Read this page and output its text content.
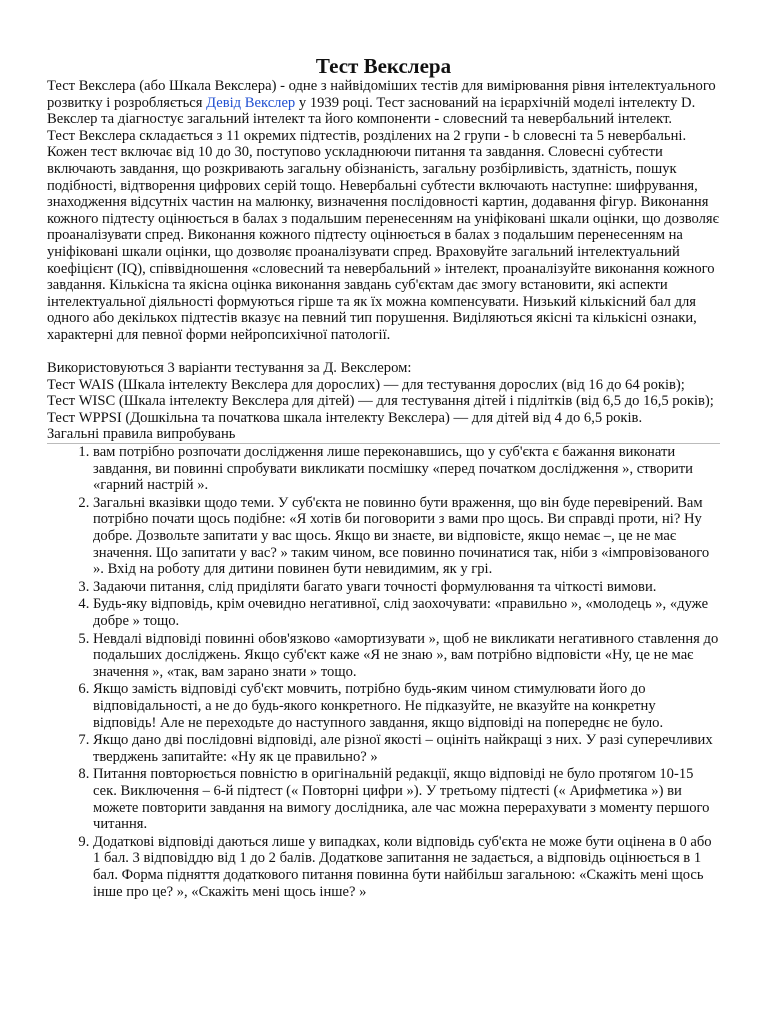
Тест Векслера

Тест Векслера (або Шкала Векслера) - одне з найвідоміших тестів для вимірювання рівня інтелектуального розвитку і розробляється Девід Векслер у 1939 році. Тест заснований на ієрархічній моделі інтелекту D. Векслер та діагностує загальний інтелект та його компоненти - словесний та невербальний інтелект.

Тест Векслера складається з 11 окремих підтестів, розділених на 2 групи - b словесні та 5 невербальні. Кожен тест включає від 10 до 30, поступово ускладнюючи питання та завдання. Словесні субтести включають завдання, що розкривають загальну обізнаність, загальну розбірливість, здатність, пошук подібності, відтворення цифрових серій тощо. Невербальні субтести включають наступне: шифрування, знаходження відсутніх частин на малюнку, визначення послідовності картин, додавання фігур. Виконання кожного підтесту оцінюється в балах з подальшим перенесенням на уніфіковані шкали оцінки, що дозволяє проаналізувати спред. Виконання кожного підтесту оцінюється в балах з подальшим перенесенням на уніфіковані шкали оцінки, що дозволяє проаналізувати спред. Враховуйте загальний інтелектуальний коефіцієнт (IQ), співвідношення «словесний та невербальний » інтелект, проаналізуйте виконання кожного завдання. Кількісна та якісна оцінка виконання завдань суб'єктам дає змогу встановити, які аспекти інтелектуальної діяльності формуються гірше та як їх можна компенсувати. Низький кількісний бал для одного або декількох підтестів вказує на певний тип порушення. Виділяються якісні та кількісні ознаки, характерні для певної форми нейропсихічної патології.

Використовуються 3 варіанти тестування за Д. Векслером:

Тест WAIS (Шкала інтелекту Векслера для дорослих) — для тестування дорослих (від 16 до 64 років);

Тест WISC (Шкала інтелекту Векслера для дітей) — для тестування дітей і підлітків (від 6,5 до 16,5 років);

Тест WPPSI (Дошкільна та початкова шкала інтелекту Векслера) — для дітей від 4 до 6,5 років.

Загальні правила випробувань

1. вам потрібно розпочати дослідження лише переконавшись, що у суб'єкта є бажання виконати завдання, ви повинні спробувати викликати посмішку «перед початком дослідження », створити «гарний настрій ».
2. Загальні вказівки щодо теми. У суб'єкта не повинно бути враження, що він буде перевірений. Вам потрібно почати щось подібне: «Я хотів би поговорити з вами про щось. Ви справді проти, ні? Ну добре. Дозвольте запитати у вас щось. Якщо ви знаєте, ви відповісте, якщо немає –, це не має значення. Що запитати у вас? » таким чином, все повинно починатися так, ніби з «імпровізованого ». Вхід на роботу для дитини повинен бути невидимим, як у грі.
3. Задаючи питання, слід приділяти багато уваги точності формулювання та чіткості вимови.
4. Будь-яку відповідь, крім очевидно негативної, слід заохочувати: «правильно », «молодець », «дуже добре » тощо.
5. Невдалі відповіді повинні обов'язково «амортизувати », щоб не викликати негативного ставлення до подальших досліджень. Якщо суб'єкт каже «Я не знаю », вам потрібно відповісти «Ну, це не має значення », «так, вам зарано знати » тощо.
6. Якщо замість відповіді суб'єкт мовчить, потрібно будь-яким чином стимулювати його до відповідальності, а не до будь-якого конкретного. Не підказуйте, не вказуйте на конкретну відповідь! Але не переходьте до наступного завдання, якщо відповіді на попереднє не було.
7. Якщо дано дві послідовні відповіді, але різної якості – оцініть найкращі з них. У разі суперечливих тверджень запитайте: «Ну як це правильно? »
8. Питання повторюється повністю в оригінальній редакції, якщо відповіді не було протягом 10-15 сек. Виключення – 6-й підтест (« Повторні цифри »). У третьому підтесті (« Арифметика ») ви можете повторити завдання на вимогу дослідника, але час можна перерахувати з моменту першого читання.
9. Додаткові відповіді даються лише у випадках, коли відповідь суб'єкта не може бути оцінена в 0 або 1 бал. 3 відповіддю від 1 до 2 балів. Додаткове запитання не задається, а відповідь оцінюється в 1 бал. Форма підняття додаткового питання повинна бути найбільш загальною: «Скажіть мені щось інше про це? », «Скажіть мені щось інше? »
